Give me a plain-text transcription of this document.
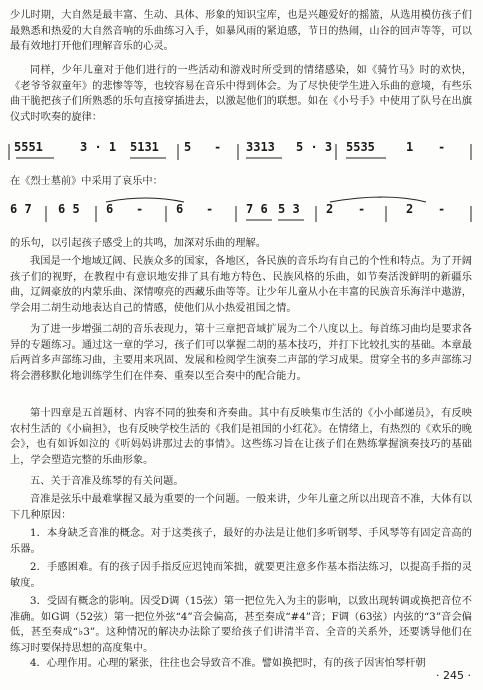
少儿时期，大自然是最丰富、生动、具体、形象的知识宝库，也是兴趣爱好的摇篮，从选用模仿孩子们最熟悉和热爱的大自然音响的乐曲练习入手，如暴风雨的紧迫感，节日的热闹，山谷的回声等等，可以最有效地打开他们理解音乐的心灵。

同样，少年儿童对于他们进行的一些活动和游戏时所受到的情绪感染，如《骑竹马》时的欢快，《老爷爷叙童年》的悲惨等等，也较容易在音乐中得到体会。为了尽快使学生进入乐曲的意境，有些乐曲干脆把孩子们所熟悉的乐句直接穿插进去，以激起他们的联想。如在《小号手》中使用了队号在出旗仪式时吹奏的旋律：

5551	3 · 1 5131 5 - 3313 5 · 3 5535	1 -
在《烈士墓前》中采用了哀乐中：
6 7 6 5 6 -	6 -	7 6 5 3 2 -	2 -

的乐句，以引起孩子感受上的共鸣，加深对乐曲的理解。

我国是一个地域辽阔、民族众多的国家，各地区，各民族的音乐均有自己的个性和特点。为了开阔孩子们的视野，在教程中有意识地安排了具有地方特色、民族风格的乐曲，如节奏活泼鲜明的新疆乐曲，辽阔豪放的内蒙乐曲、深情嘹亮的西藏乐曲等等。让少年儿童从小在丰富的民族音乐海洋中遨游，学会用二胡生动地表达自己的情感，使他们从小热爱祖国之情。

为了进一步增强二胡的音乐表现力，第十三章把音域扩展为二个八度以上。每首练习曲均是要求各异的专题练习。通过这一章的学习，孩子们可以掌握二胡的基本技巧，并打下比较扎实的基础。本章最后两首多声部练习曲，主要用来巩固、发展和检阅学生演奏二声部的学习成果。贯穿全书的多声部练习将会潜移默化地训练学生们在伴奏、重奏以至合奏中的配合能力。

第十四章是五首题材、内容不同的独奏和齐奏曲。其中有反映集市生活的《小小邮递员》，有反映农村生活的《小扁担》，也有反映学校生活的《我们是祖国的小红花》。在情绪上，有热烈的《欢乐的晚会》，也有如诉如泣的《听妈妈讲那过去的事情》。这些练习旨在让孩子们在熟练掌握演奏技巧的基础上，学会塑造完整的乐曲形象。

五、关于音准及练琴的有关问题。

音准是弦乐中最难掌握又最为重要的一个问题。一般来讲，少年儿童之所以出现音不准，大体有以下几种原因：

1．本身缺乏音准的概念。对于这类孩子，最好的办法是让他们多听钢琴、手风琴等有固定音高的乐器。

2．手感困难。有的孩子因手指反应迟钝而笨拙，就要更注意多作基本指法练习，以提高手指的灵敏度。

3．受固有概念的影响。因受D调（15弦）第一把位先入为主的影响，以致出现转调或换把音位不准确。如G调（52弦）第一把位外弦“4”音会偏高，甚至奏成“#4”音；F调（63弦）内弦的“3”音会偏低，甚至奏成“♭3”。这种情况的解决办法除了要给孩子们讲清半音、全音的关系外，还要诱导他们在练习时要保持思想的高度集中。

4．心理作用。心理的紧张，往往也会导致音不准。譬如换把时，有的孩子因害怕琴杆朝

· 245 ·
